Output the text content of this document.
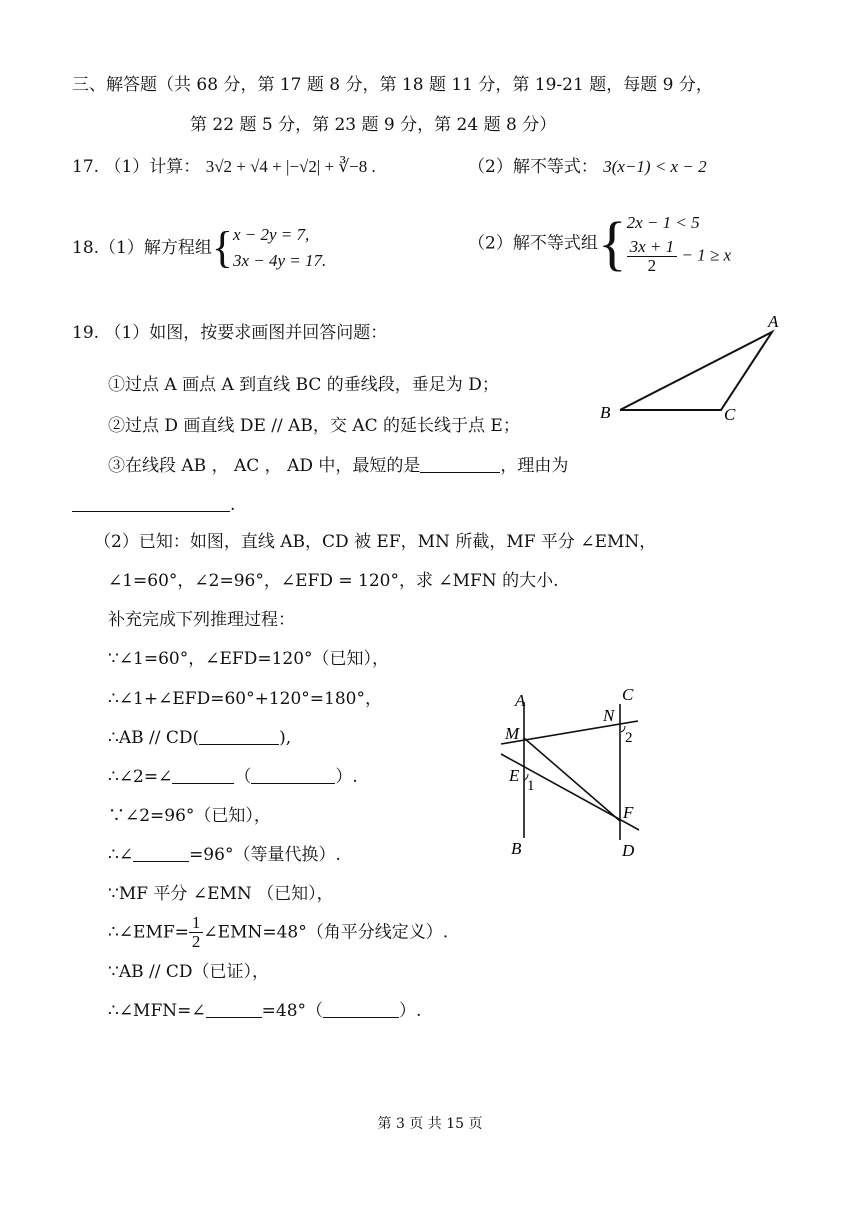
三、解答题（共 68 分，第 17 题 8 分，第 18 题 11 分，第 19-21 题，每题 9 分，
第 22 题 5 分，第 23 题 9 分，第 24 题 8 分）
17. （1）计算： 3√2 + √4 + |−√2| + ∛−8 .	（2）解不等式： 3(x−1) < x − 2
18.（1）解方程组{ x − 2y = 7,
3x − 4y = 17.
（2）解不等式组{ 2x − 1 < 5
$\frac{3x + 1}{2} - 1 \ge x$
19. （1）如图，按要求画图并回答问题：
①过点 A 画点 A 到直线 BC 的垂线段，垂足为 D；
②过点 D 画直线 DE // AB，交 AC 的延长线于点 E；
③在线段 AB ， AC ， AD 中，最短的是	，理由为
.
A
B	C
（2）已知：如图，直线 AB，CD 被 EF，MN 所截，MF 平分 ∠EMN，
∠1=60°，∠2=96°，∠EFD = 120°，求 ∠MFN 的大小.
补充完成下列推理过程：
∵∠1=60°，∠EFD=120°（已知），
∴∠1+∠EFD=60°+120°=180°，
∴AB // CD(	),
∴∠2=∠	（	）.
∵∠2=96°（已知），
∴∠	=96°（等量代换）.
∵MF 平分 ∠EMN （已知），
∴∠EMF= $\frac{1}{2}$ ∠EMN=48°（角平分线定义）.
∵AB // CD（已证），
∴∠MFN=∠	=48°（	）.
A
B
C
D
M
N
E
F
1
2
第 3 页 共 15 页
